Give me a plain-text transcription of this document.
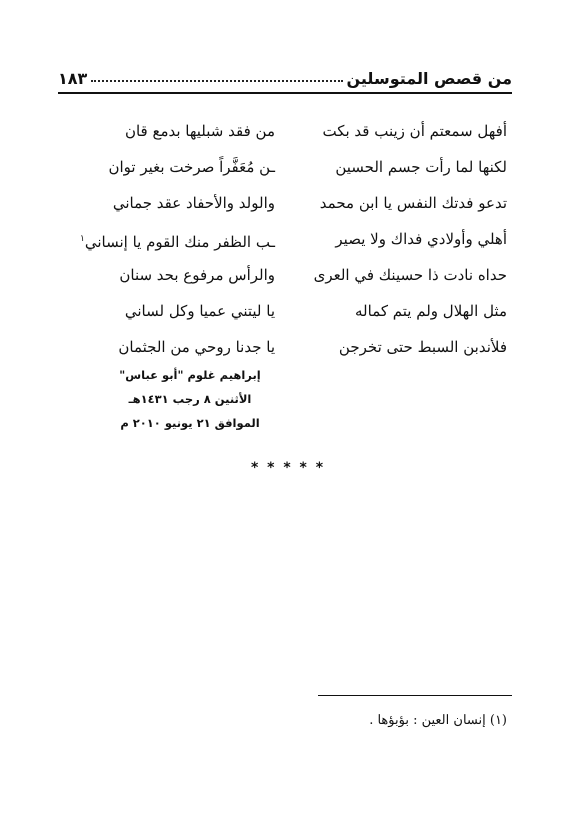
من قصص المتوسلين
١٨٣
أفهل سمعتم أن زينب قد بكت
لكنها لما رأت جسم الحسين
تدعو فدتك النفس يا ابن محمد
أهلي وأولادي فداك ولا يصير
حداه نادت ذا حسينك في العرى
مثل الهلال ولم يتم كماله
فلأندبن السبط حتى تخرجن
من فقد شبليها بدمع قان
ـن مُعَفَّراً صرخت بغير توان
والولد والأحفاد عقد جماني
ـب الظفر منك القوم يا إنساني$^١$
والرأس مرفوع بحد سنان
يا ليتني عميا وكل لساني
يا جدنا روحي من الجثمان
إبراهيم غلوم "أبو عباس"
الأثنين ٨ رجب ١٤٣١هـ
الموافق ٢١ يونيو ٢٠١٠ م
* * * * *
(١) إنسان العين : بؤبؤها .
